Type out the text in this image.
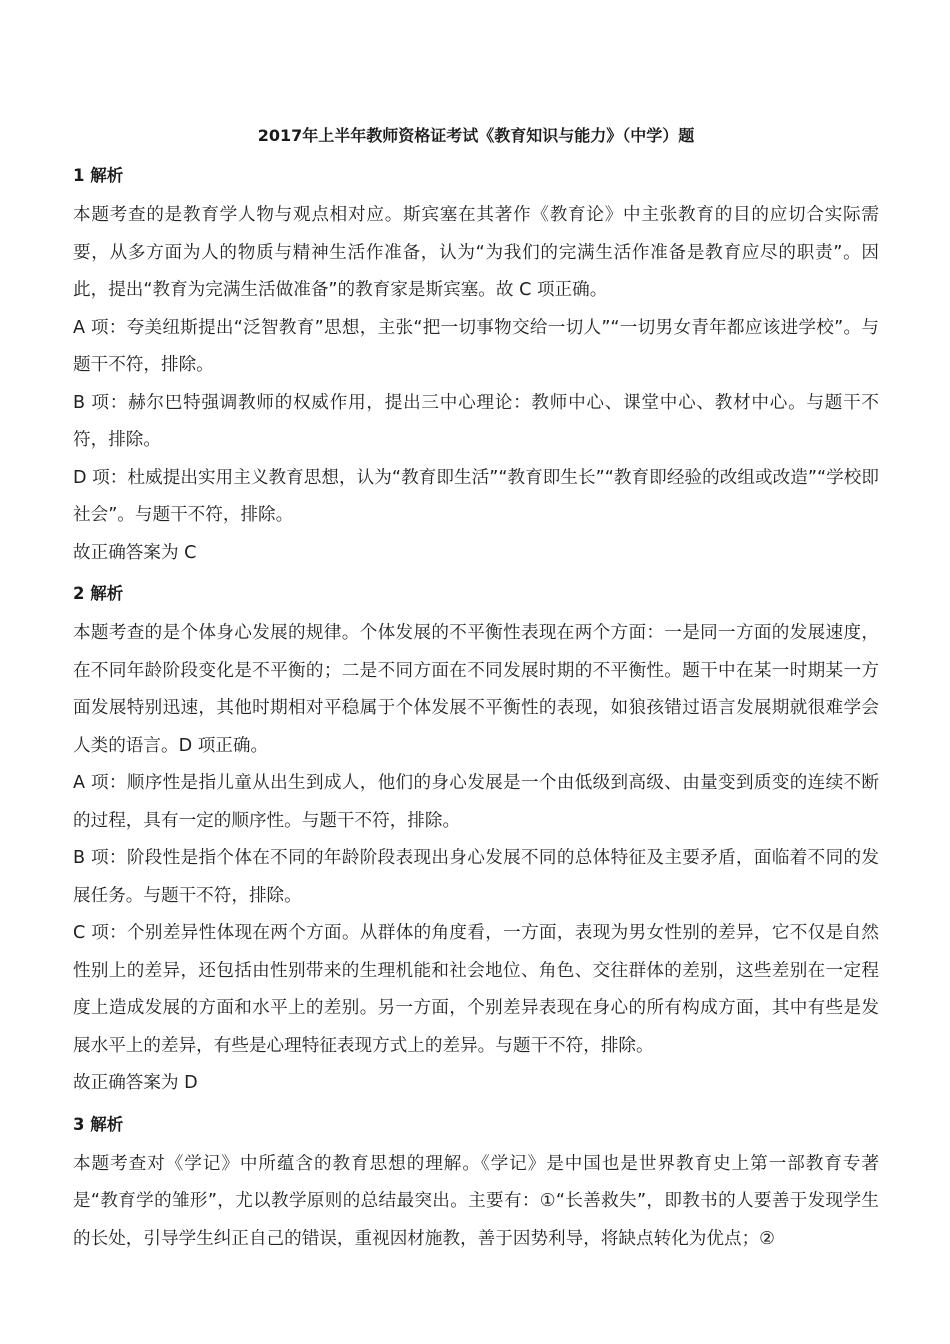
2017年上半年教师资格证考试《教育知识与能力》（中学）题
1 解析

本题考查的是教育学人物与观点相对应。斯宾塞在其著作《教育论》中主张教育的目的应切合实际需要，从多方面为人的物质与精神生活作准备，认为“为我们的完满生活作准备是教育应尽的职责”。因此，提出“教育为完满生活做准备”的教育家是斯宾塞。故 C 项正确。

A 项：夸美纽斯提出“泛智教育”思想，主张“把一切事物交给一切人”“一切男女青年都应该进学校”。与题干不符，排除。

B 项：赫尔巴特强调教师的权威作用，提出三中心理论：教师中心、课堂中心、教材中心。与题干不符，排除。

D 项：杜威提出实用主义教育思想，认为“教育即生活”“教育即生长”“教育即经验的改组或改造”“学校即社会”。与题干不符，排除。

故正确答案为 C

2 解析

本题考查的是个体身心发展的规律。个体发展的不平衡性表现在两个方面：一是同一方面的发展速度，在不同年龄阶段变化是不平衡的；二是不同方面在不同发展时期的不平衡性。题干中在某一时期某一方面发展特别迅速，其他时期相对平稳属于个体发展不平衡性的表现，如狼孩错过语言发展期就很难学会人类的语言。D 项正确。

A 项：顺序性是指儿童从出生到成人，他们的身心发展是一个由低级到高级、由量变到质变的连续不断的过程，具有一定的顺序性。与题干不符，排除。

B 项：阶段性是指个体在不同的年龄阶段表现出身心发展不同的总体特征及主要矛盾，面临着不同的发展任务。与题干不符，排除。

C 项：个别差异性体现在两个方面。从群体的角度看，一方面，表现为男女性别的差异，它不仅是自然性别上的差异，还包括由性别带来的生理机能和社会地位、角色、交往群体的差别，这些差别在一定程度上造成发展的方面和水平上的差别。另一方面，个别差异表现在身心的所有构成方面，其中有些是发展水平上的差异，有些是心理特征表现方式上的差异。与题干不符，排除。

故正确答案为 D

3 解析

本题考查对《学记》中所蕴含的教育思想的理解。《学记》是中国也是世界教育史上第一部教育专著是“教育学的雏形”，尤以教学原则的总结最突出。主要有：①“长善救失”，即教书的人要善于发现学生的长处，引导学生纠正自己的错误，重视因材施教，善于因势利导，将缺点转化为优点；②
